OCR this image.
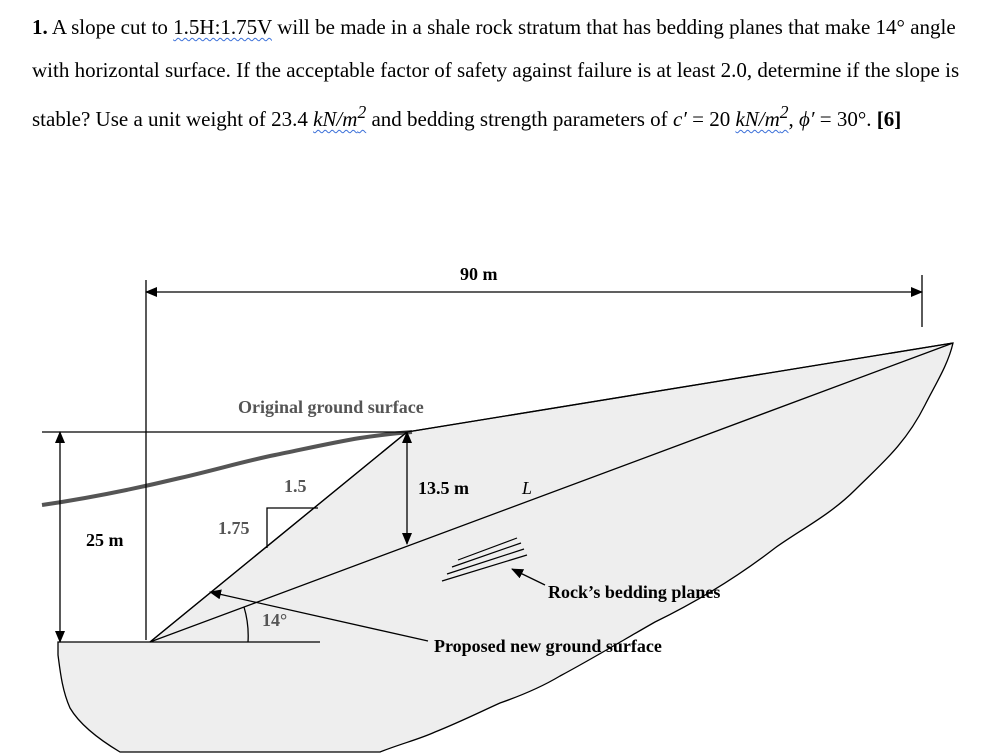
1. A slope cut to 1.5H:1.75V will be made in a shale rock stratum that has bedding planes that make 14° angle with horizontal surface. If the acceptable factor of safety against failure is at least 2.0, determine if the slope is stable? Use a unit weight of 23.4 $kN/m^2$ and bedding strength parameters of c′ = 20 $kN/m^2$, ϕ′ = 30°. [6]
90 m
25 m
13.5 m	L
1.5
1.75
14°
Original ground surface
Rock’s bedding planes
Proposed new ground surface
